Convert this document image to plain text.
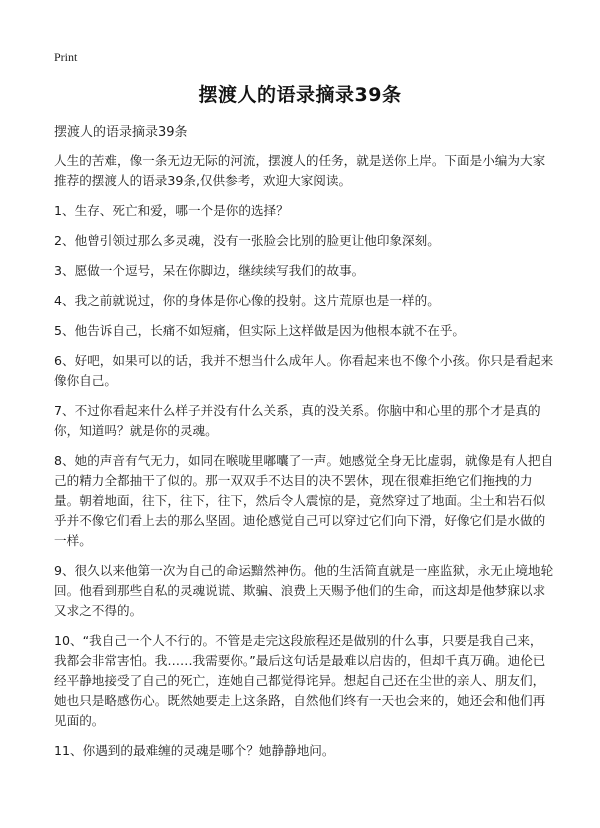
Print
摆渡人的语录摘录39条
摆渡人的语录摘录39条

人生的苦难，像一条无边无际的河流，摆渡人的任务，就是送你上岸。下面是小编为大家推荐的摆渡人的语录39条,仅供参考，欢迎大家阅读。

1、生存、死亡和爱，哪一个是你的选择？

2、他曾引领过那么多灵魂，没有一张脸会比别的脸更让他印象深刻。

3、愿做一个逗号，呆在你脚边，继续续写我们的故事。

4、我之前就说过，你的身体是你心像的投射。这片荒原也是一样的。

5、他告诉自己，长痛不如短痛，但实际上这样做是因为他根本就不在乎。

6、好吧，如果可以的话，我并不想当什么成年人。你看起来也不像个小孩。你只是看起来像你自己。

7、不过你看起来什么样子并没有什么关系，真的没关系。你脑中和心里的那个才是真的你，知道吗？就是你的灵魂。

8、她的声音有气无力，如同在喉咙里嘟囔了一声。她感觉全身无比虚弱，就像是有人把自己的精力全都抽干了似的。那一双双手不达目的决不罢休，现在很难拒绝它们拖拽的力量。朝着地面，往下，往下，往下，然后令人震惊的是，竟然穿过了地面。尘土和岩石似乎并不像它们看上去的那么坚固。迪伦感觉自己可以穿过它们向下滑，好像它们是水做的一样。

9、很久以来他第一次为自己的命运黯然神伤。他的生活简直就是一座监狱，永无止境地轮回。他看到那些自私的灵魂说谎、欺骗、浪费上天赐予他们的生命，而这却是他梦寐以求又求之不得的。

10、“我自己一个人不行的。不管是走完这段旅程还是做别的什么事，只要是我自己来，我都会非常害怕。我……我需要你。”最后这句话是最难以启齿的，但却千真万确。迪伦已经平静地接受了自己的死亡，连她自己都觉得诧异。想起自己还在尘世的亲人、朋友们，她也只是略感伤心。既然她要走上这条路，自然他们终有一天也会来的，她还会和他们再见面的。

11、你遇到的最难缠的灵魂是哪个？她静静地问。
